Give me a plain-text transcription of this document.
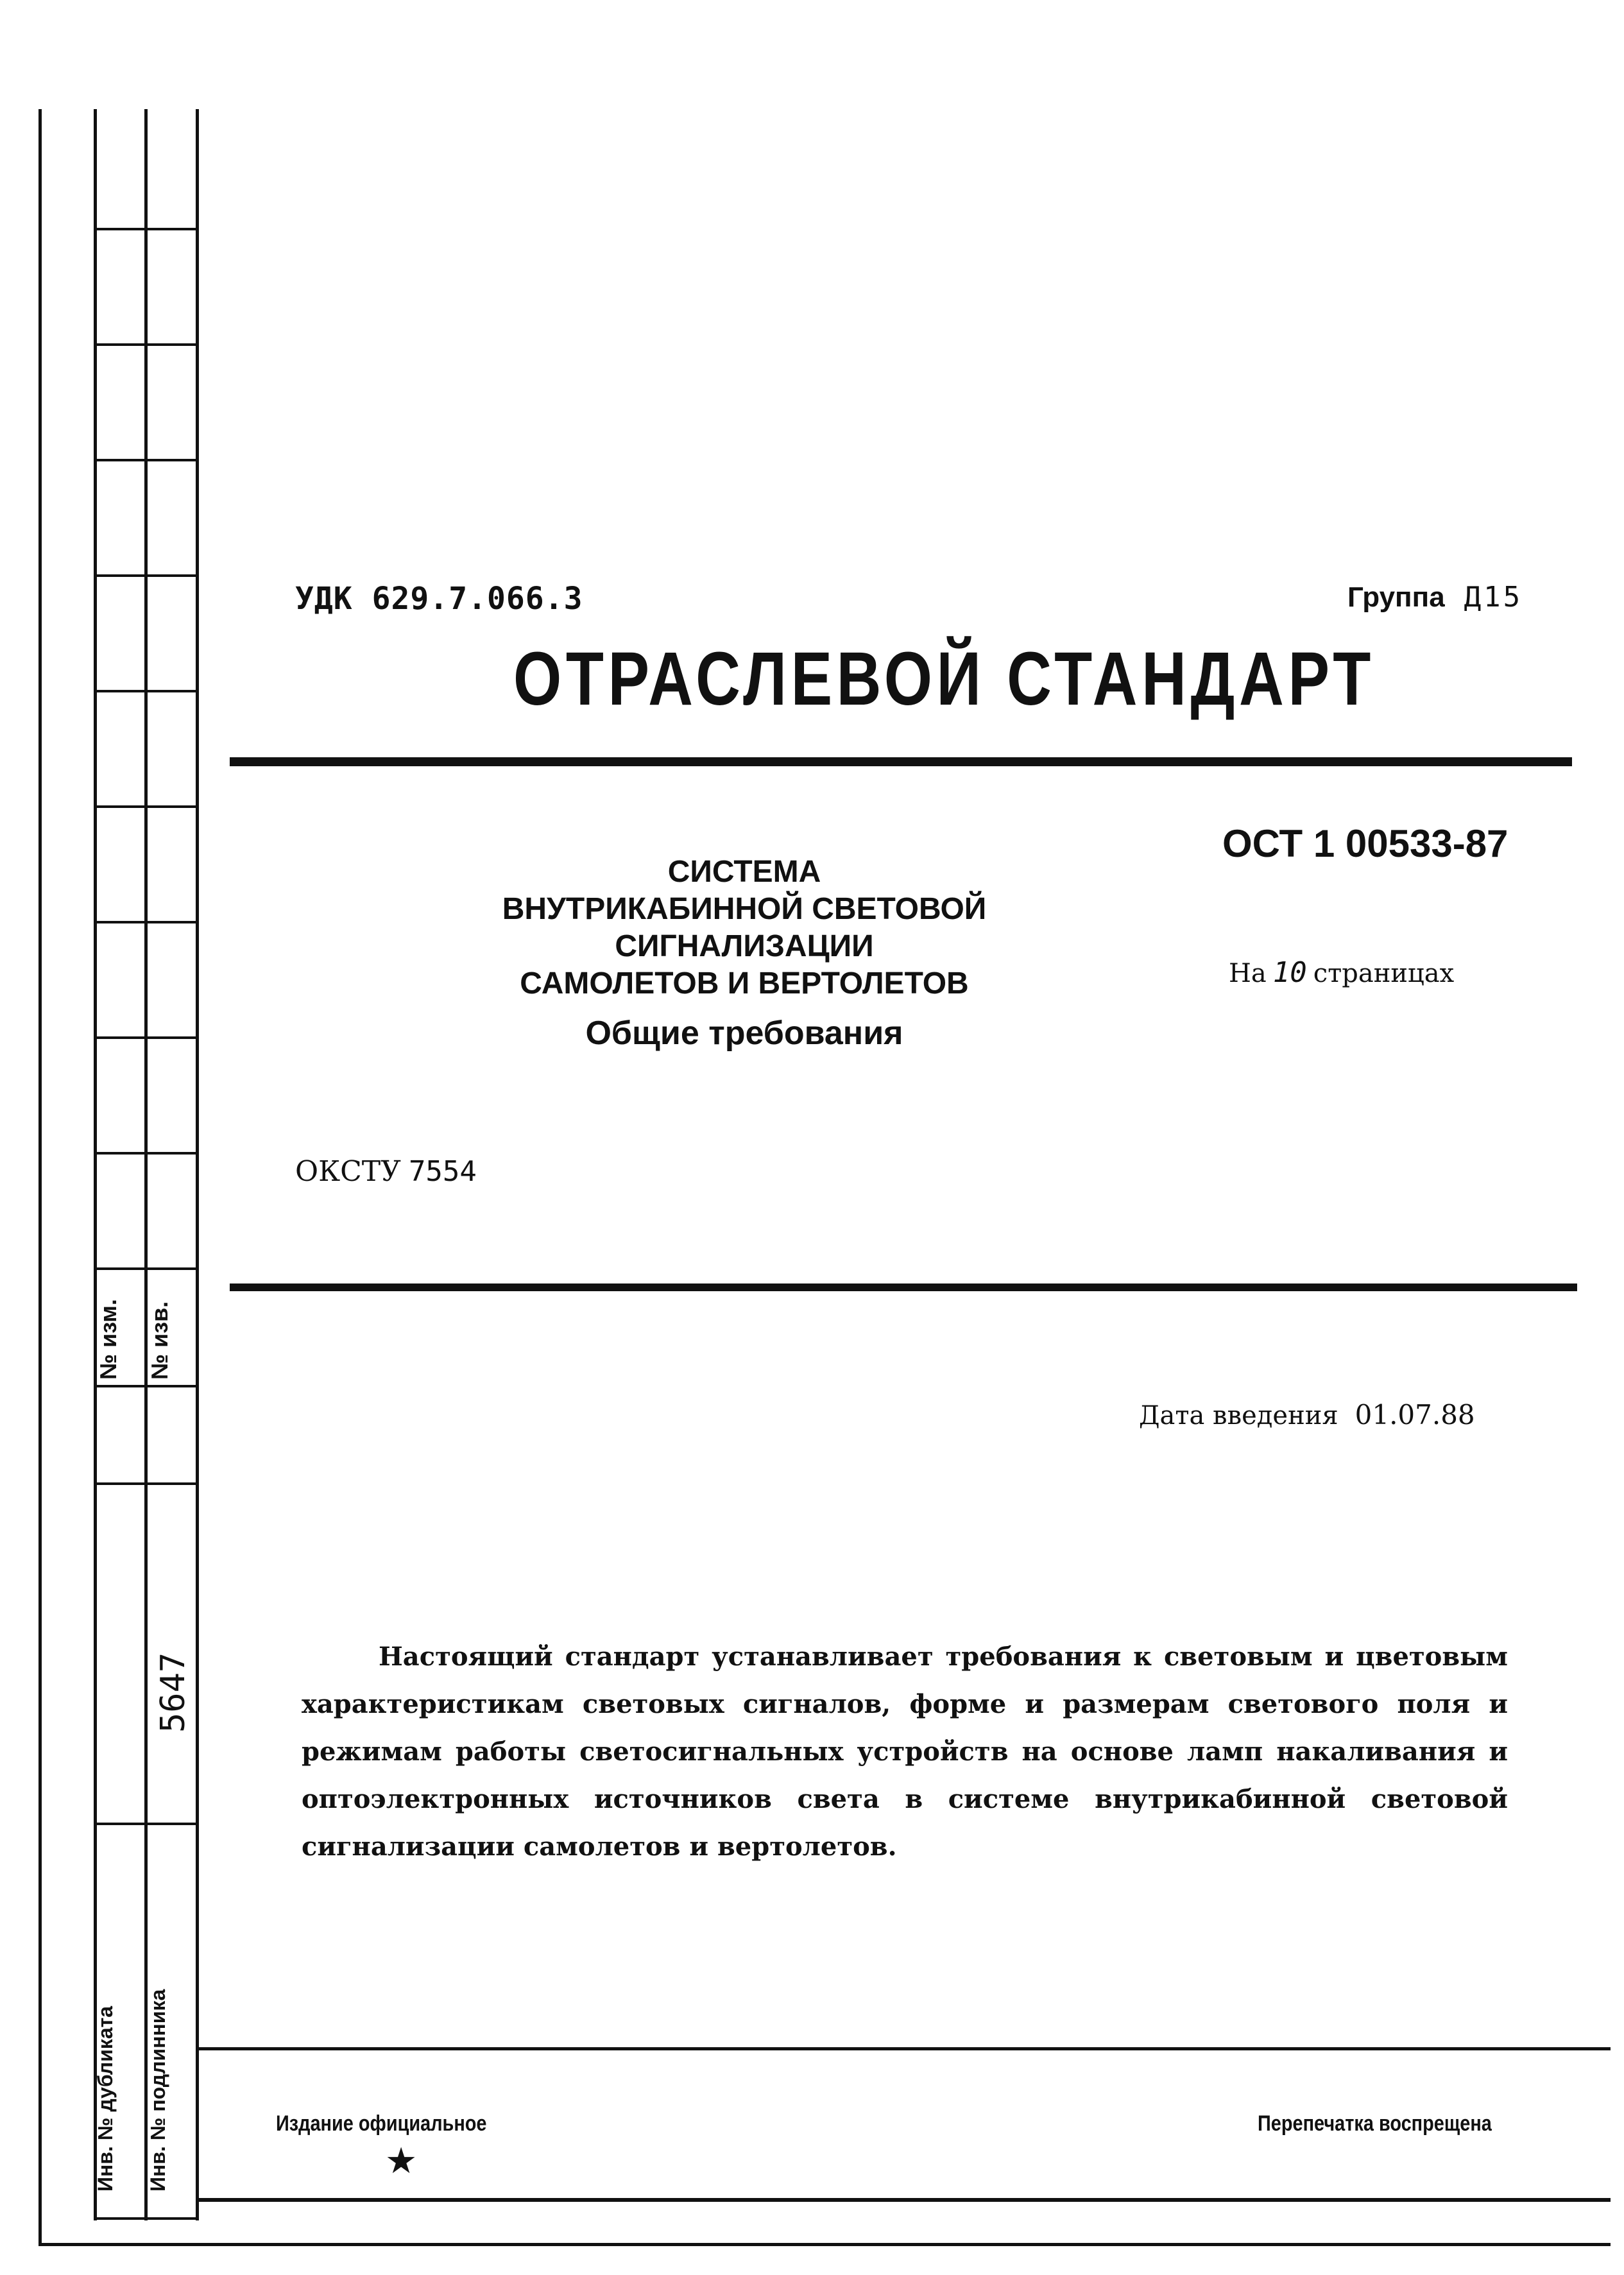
№ изм. № изв.
5647
Инв. № дубликата Инв. № подлинника
УДК 629.7.066.3	Группа Д15
ОТРАСЛЕВОЙ СТАНДАРТ
ОСТ 1 00533-87
На 10 страницах
СИСТЕМА
ВНУТРИКАБИННОЙ СВЕТОВОЙ
СИГНАЛИЗАЦИИ
САМОЛЕТОВ И ВЕРТОЛЕТОВ
Общие требования
ОКСТУ 7554
Дата введения 01.07.88
Настоящий стандарт устанавливает требования к световым и цветовым характеристикам световых сигналов, форме и размерам светового поля и режимам работы светосигнальных устройств на основе ламп накаливания и оптоэлектронных источников света в системе внутрикабинной световой сигнализации самолетов и вертолетов.
Издание официальное
★
Перепечатка воспрещена
